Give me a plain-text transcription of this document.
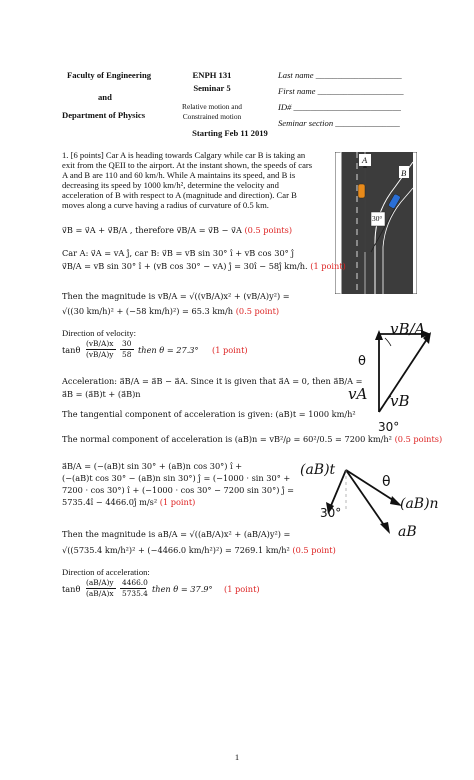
Faculty of Engineering
and
Department of Physics
ENPH 131
Seminar 5
Relative motion and
Constrained motion
Last name ____________________
First name ____________________
ID# _________________________
Seminar section _______________
Starting Feb 11 2019
1. [6 points] Car A is heading towards Calgary while car B is taking an
exit from the QEII to the airport. At the instant shown, the speeds of cars
A and B are 110 and 60 km/h. While A maintains its speed, and B is
decreasing its speed by 1000 km/h², determine the velocity and
acceleration of B with respect to A (magnitude and direction). Car B
moves along a curve having a radius of curvature of 0.5 km.
A
B
30°
v⃗B = v⃗A + v⃗B/A , therefore v⃗B/A = v⃗B − v⃗A (0.5 points)
Car A: v⃗A = vA ĵ, car B: v⃗B = vB sin 30° î + vB cos 30° ĵ
v⃗B/A = vB sin 30° î + (vB cos 30° − vA) ĵ = 30î − 58ĵ km/h. (1 point)
Then the magnitude is vB/A = √((vB/A)x² + (vB/A)y²) =
√((30 km/h)² + (−58 km/h)²) = 65.3 km/h (0.5 point)
Direction of velocity:
tanθ
(vB/A)x
(vB/A)y
30
58 then θ = 27.3° (1 point)
Acceleration: a⃗B/A = a⃗B − a⃗A. Since it is given that a⃗A = 0, then a⃗B/A =
a⃗B = (a⃗B)t + (a⃗B)n
The tangential component of acceleration is given: (aB)t = 1000 km/h²
The normal component of acceleration is (aB)n = vB²/ρ = 60²/0.5 = 7200 km/h² (0.5 points)
a⃗B/A = (−(aB)t sin 30° + (aB)n cos 30°) î +
(−(aB)t cos 30° − (aB)n sin 30°) ĵ = (−1000 · sin 30° +
7200 · cos 30°) î + (−1000 · cos 30° − 7200 sin 30°) ĵ =
5735.4î − 4466.0ĵ m/s² (1 point)
Then the magnitude is aB/A = √((aB/A)x² + (aB/A)y²) =
√((5735.4 km/h²)² + (−4466.0 km/h²)²) = 7269.1 km/h² (0.5 point)
Direction of acceleration:
tanθ
(aB/A)y
(aB/A)x
4466.0
5735.4 then θ = 37.9° (1 point)
θ
vB/A
vA vB
30°
(aB)t
θ
(aB)n
30°
aB
1
